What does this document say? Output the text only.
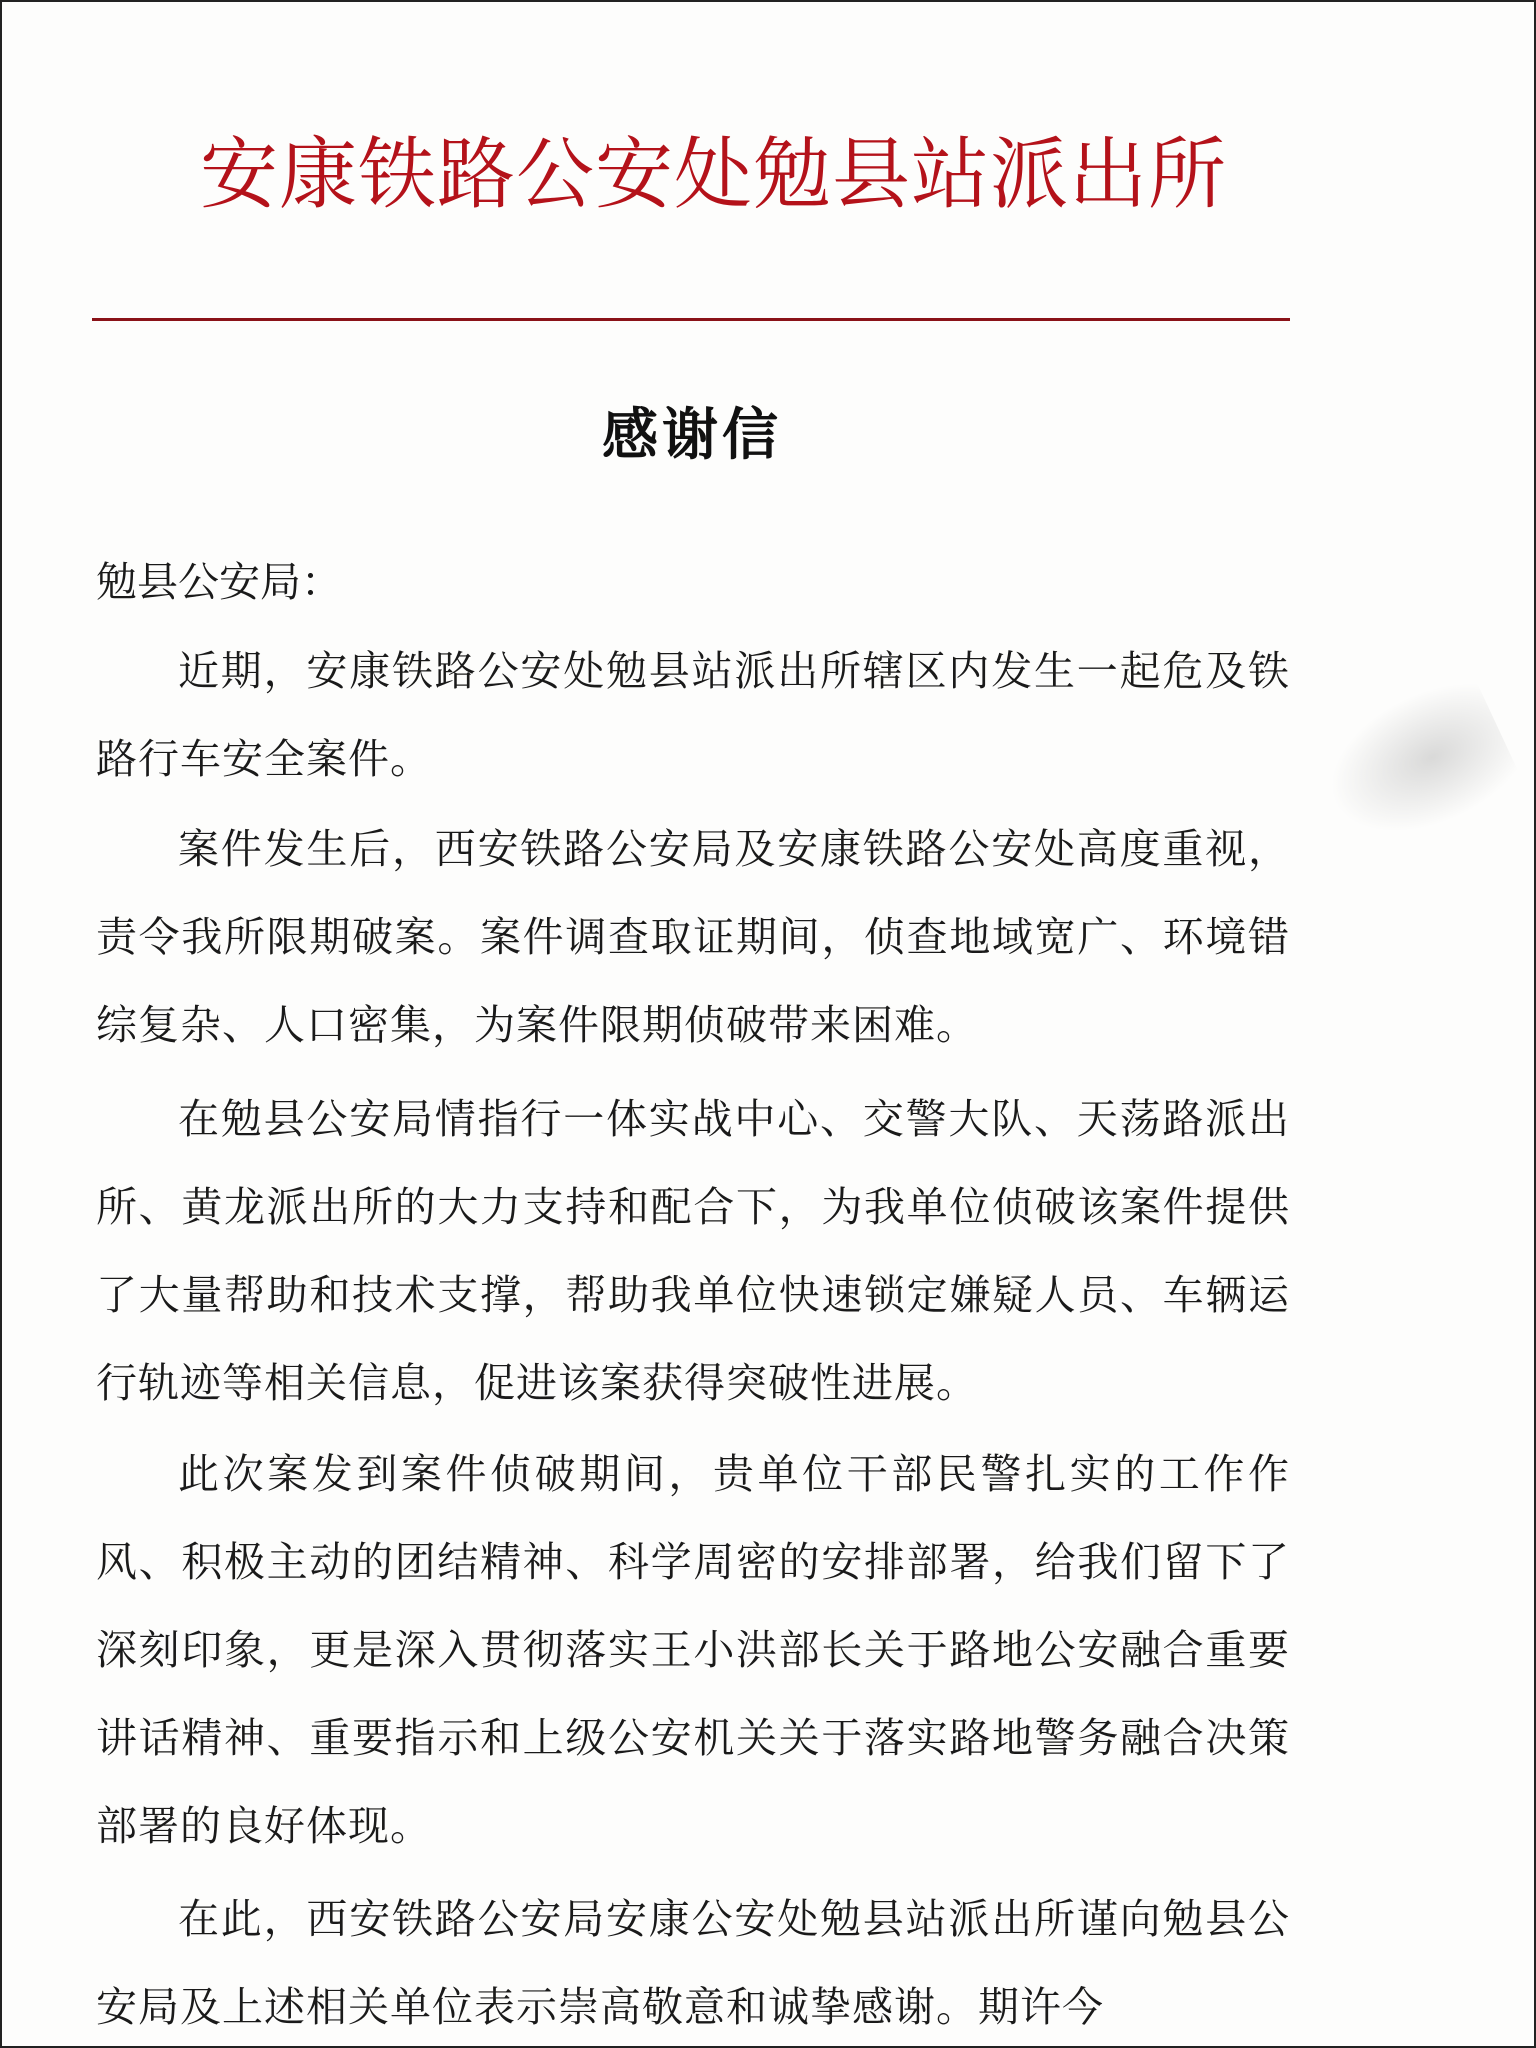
安康铁路公安处勉县站派出所
感谢信

勉县公安局：

近期，安康铁路公安处勉县站派出所辖区内发生一起危及铁路行车安全案件。

案件发生后，西安铁路公安局及安康铁路公安处高度重视，责令我所限期破案。案件调查取证期间，侦查地域宽广、环境错综复杂、人口密集，为案件限期侦破带来困难。

在勉县公安局情指行一体实战中心、交警大队、天荡路派出所、黄龙派出所的大力支持和配合下，为我单位侦破该案件提供了大量帮助和技术支撑，帮助我单位快速锁定嫌疑人员、车辆运行轨迹等相关信息，促进该案获得突破性进展。

此次案发到案件侦破期间，贵单位干部民警扎实的工作作风、积极主动的团结精神、科学周密的安排部署，给我们留下了深刻印象，更是深入贯彻落实王小洪部长关于路地公安融合重要讲话精神、重要指示和上级公安机关关于落实路地警务融合决策部署的良好体现。

在此，西安铁路公安局安康公安处勉县站派出所谨向勉县公安局及上述相关单位表示崇高敬意和诚挚感谢。期许今
